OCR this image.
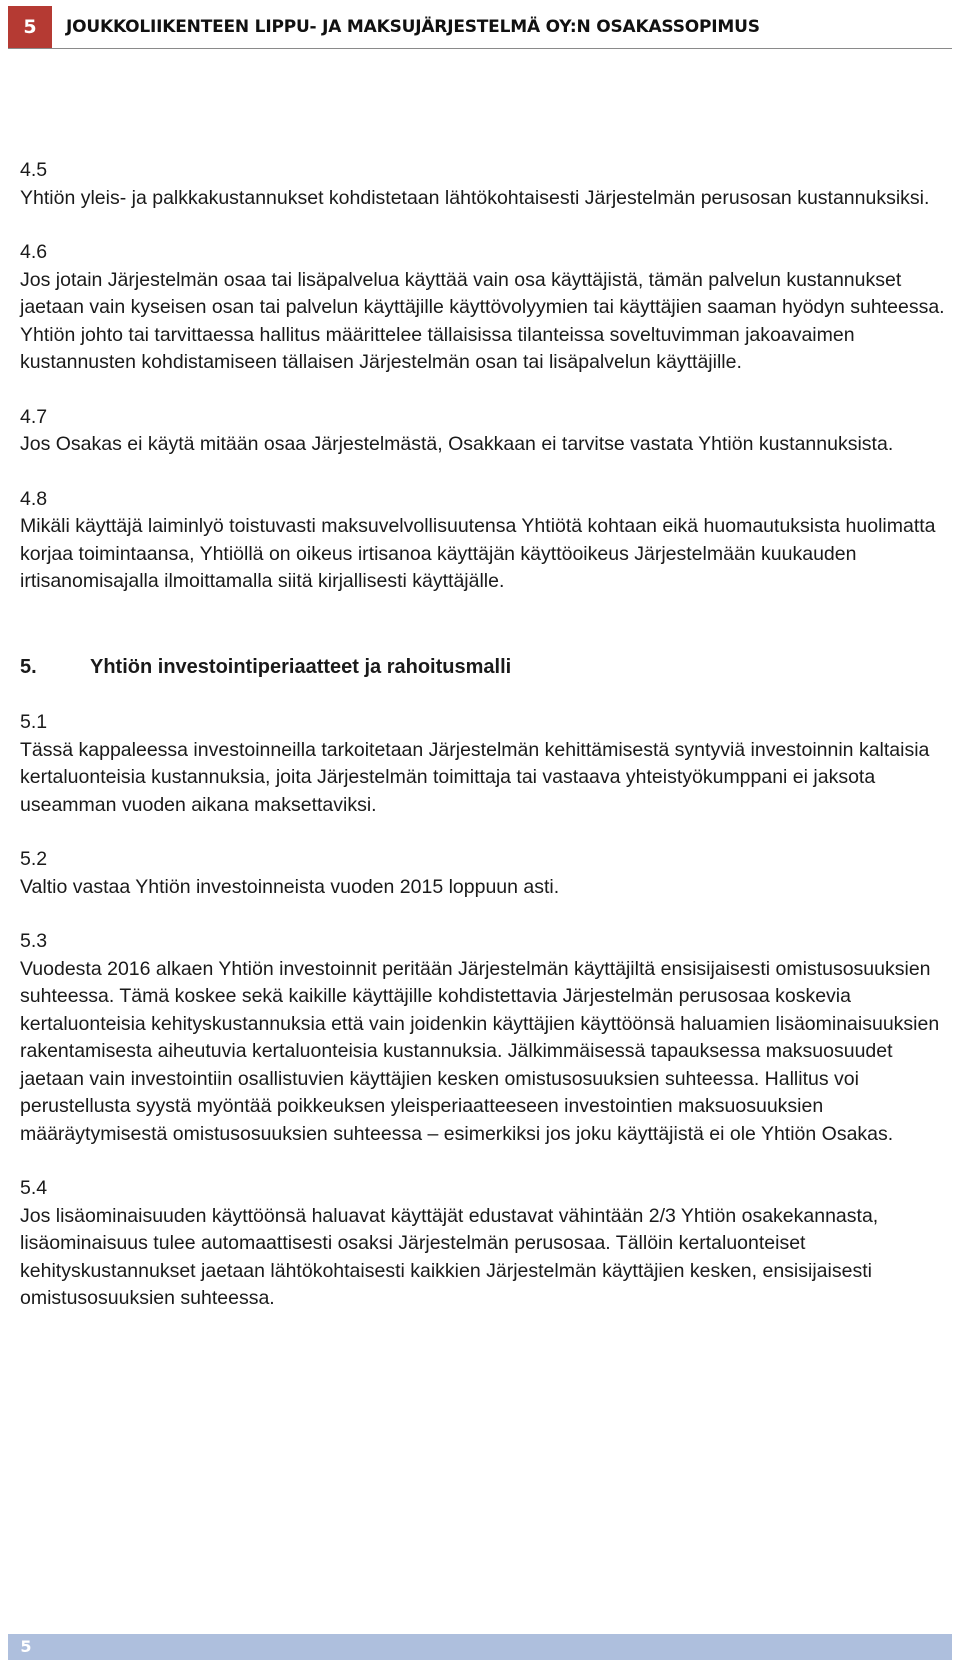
5	JOUKKOLIIKENTEEN LIPPU- JA MAKSUJÄRJESTELMÄ OY:N OSAKASSOPIMUS
4.5
Yhtiön yleis- ja palkkakustannukset kohdistetaan lähtökohtaisesti Järjestelmän perusosan kustannuksiksi.
4.6
Jos jotain Järjestelmän osaa tai lisäpalvelua käyttää vain osa käyttäjistä, tämän palvelun kustannukset jaetaan vain kyseisen osan tai palvelun käyttäjille käyttövolyymien tai käyttäjien saaman hyödyn suhteessa. Yhtiön johto tai tarvittaessa hallitus määrittelee tällaisissa tilanteissa soveltuvimman jakoavaimen kustannusten kohdistamiseen tällaisen Järjestelmän osan tai lisäpalvelun käyttäjille.
4.7
Jos Osakas ei käytä mitään osaa Järjestelmästä, Osakkaan ei tarvitse vastata Yhtiön kustannuksista.
4.8
Mikäli käyttäjä laiminlyö toistuvasti maksuvelvollisuutensa Yhtiötä kohtaan eikä huomautuksista huolimatta korjaa toimintaansa, Yhtiöllä on oikeus irtisanoa käyttäjän käyttöoikeus Järjestelmään kuukauden irtisanomisajalla ilmoittamalla siitä kirjallisesti käyttäjälle.
5.	Yhtiön investointiperiaatteet ja rahoitusmalli
5.1
Tässä kappaleessa investoinneilla tarkoitetaan Järjestelmän kehittämisestä syntyviä investoinnin kaltaisia kertaluonteisia kustannuksia, joita Järjestelmän toimittaja tai vastaava yhteistyökumppani ei jaksota useamman vuoden aikana maksettaviksi.
5.2
Valtio vastaa Yhtiön investoinneista vuoden 2015 loppuun asti.
5.3
Vuodesta 2016 alkaen Yhtiön investoinnit peritään Järjestelmän käyttäjiltä ensisijaisesti omistusosuuksien suhteessa. Tämä koskee sekä kaikille käyttäjille kohdistettavia Järjestelmän perusosaa koskevia kertaluonteisia kehityskustannuksia että vain joidenkin käyttäjien käyttöönsä haluamien lisäominaisuuksien rakentamisesta aiheutuvia kertaluonteisia kustannuksia. Jälkimmäisessä tapauksessa maksuosuudet jaetaan vain investointiin osallistuvien käyttäjien kesken omistusosuuksien suhteessa. Hallitus voi perustellusta syystä myöntää poikkeuksen yleisperiaatteeseen investointien maksuosuuksien määräytymisestä omistusosuuksien suhteessa – esimerkiksi jos joku käyttäjistä ei ole Yhtiön Osakas.
5.4
Jos lisäominaisuuden käyttöönsä haluavat käyttäjät edustavat vähintään 2/3 Yhtiön osakekannasta, lisäominaisuus tulee automaattisesti osaksi Järjestelmän perusosaa. Tällöin kertaluonteiset kehityskustannukset jaetaan lähtökohtaisesti kaikkien Järjestelmän käyttäjien kesken, ensisijaisesti omistusosuuksien suhteessa.
5
